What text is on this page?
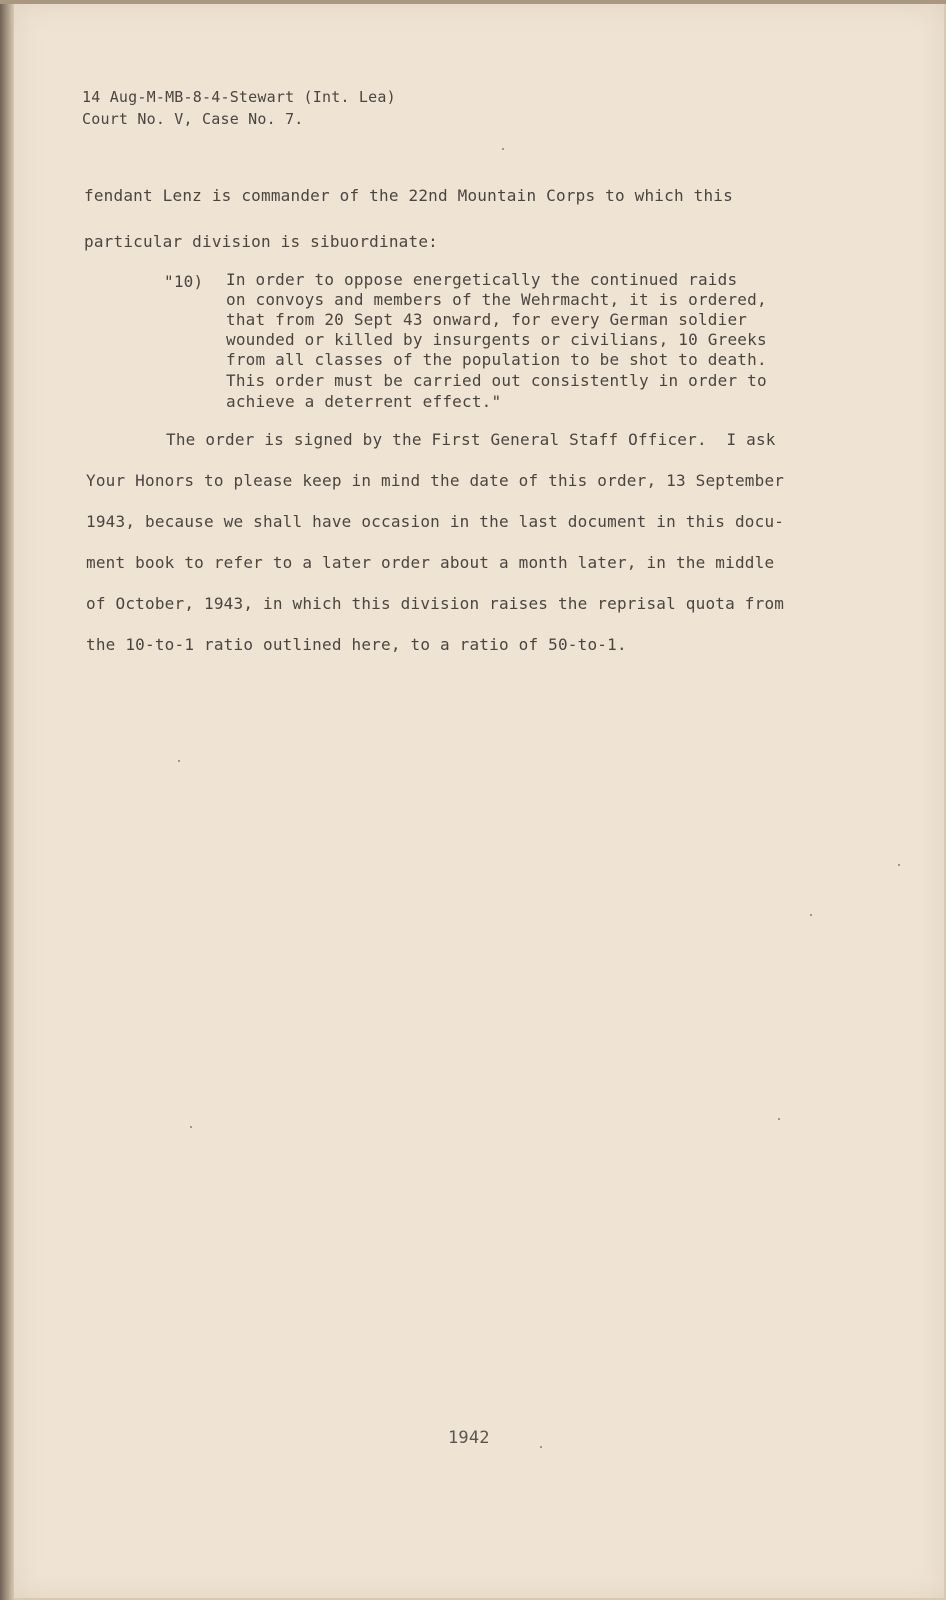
14 Aug-M-MB-8-4-Stewart (Int. Lea)
Court No. V, Case No. 7.
fendant Lenz is commander of the 22nd Mountain Corps to which this
particular division is sibuordinate:
"10) In order to oppose energetically the continued raids
on convoys and members of the Wehrmacht, it is ordered,
that from 20 Sept 43 onward, for every German soldier
wounded or killed by insurgents or civilians, 10 Greeks
from all classes of the population to be shot to death.
This order must be carried out consistently in order to
achieve a deterrent effect."
The order is signed by the First General Staff Officer.  I ask
Your Honors to please keep in mind the date of this order, 13 September
1943, because we shall have occasion in the last document in this docu-
ment book to refer to a later order about a month later, in the middle
of October, 1943, in which this division raises the reprisal quota from
the 10-to-1 ratio outlined here, to a ratio of 50-to-1.
1942
